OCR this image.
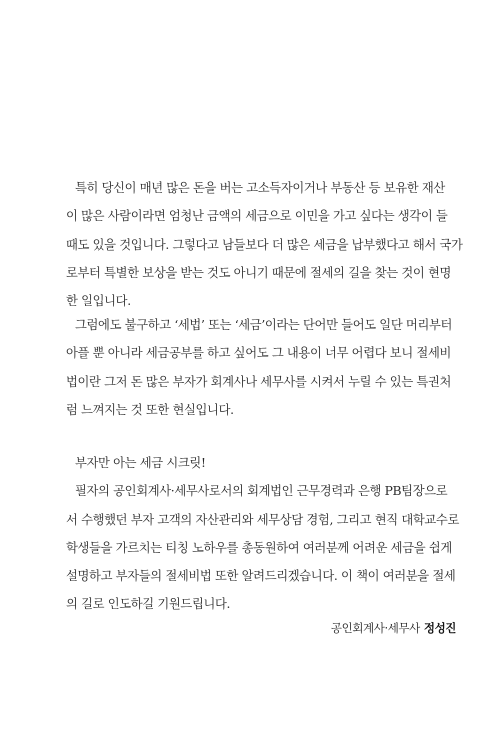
특히 당신이 매년 많은 돈을 버는 고소득자이거나 부동산 등 보유한 재산
이 많은 사람이라면 엄청난 금액의 세금으로 이민을 가고 싶다는 생각이 들
때도 있을 것입니다. 그렇다고 남들보다 더 많은 세금을 납부했다고 해서 국가
로부터 특별한 보상을 받는 것도 아니기 때문에 절세의 길을 찾는 것이 현명
한 일입니다.
그럼에도 불구하고 ‘세법’ 또는 ‘세금’이라는 단어만 들어도 일단 머리부터
아플 뿐 아니라 세금공부를 하고 싶어도 그 내용이 너무 어렵다 보니 절세비
법이란 그저 돈 많은 부자가 회계사나 세무사를 시켜서 누릴 수 있는 특권처
럼 느껴지는 것 또한 현실입니다.
부자만 아는 세금 시크릿!
필자의 공인회계사·세무사로서의 회계법인 근무경력과 은행 PB팀장으로
서 수행했던 부자 고객의 자산관리와 세무상담 경험, 그리고 현직 대학교수로
학생들을 가르치는 티칭 노하우를 총동원하여 여러분께 어려운 세금을 쉽게
설명하고 부자들의 절세비법 또한 알려드리겠습니다. 이 책이 여러분을 절세
의 길로 인도하길 기원드립니다.
공인회계사·세무사 정성진
